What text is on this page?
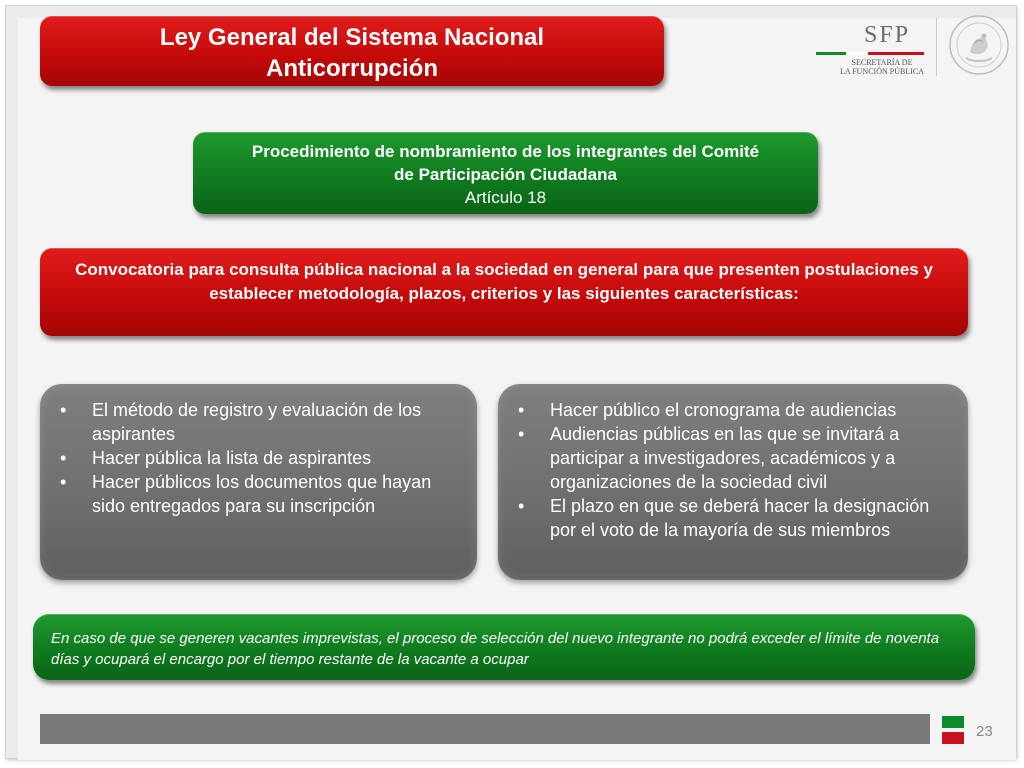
Ley General del Sistema Nacional
Anticorrupción
SFP
SECRETARÍA DE
LA FUNCIÓN PÚBLICA
Procedimiento de nombramiento de los integrantes del Comité
de Participación Ciudadana
Artículo 18
Convocatoria para consulta pública nacional a la sociedad en general para que presenten postulaciones y establecer metodología, plazos, criterios y las siguientes características:
• El método de registro y evaluación de los aspirantes
• Hacer pública la lista de aspirantes
• Hacer públicos los documentos que hayan sido entregados para su inscripción
• Hacer público el cronograma de audiencias
• Audiencias públicas en las que se invitará a participar a investigadores, académicos y a organizaciones de la sociedad civil
• El plazo en que se deberá hacer la designación por el voto de la mayoría de sus miembros
En caso de que se generen vacantes imprevistas, el proceso de selección del nuevo integrante no podrá exceder el límite de noventa días y ocupará el encargo por el tiempo restante de la vacante a ocupar
23
